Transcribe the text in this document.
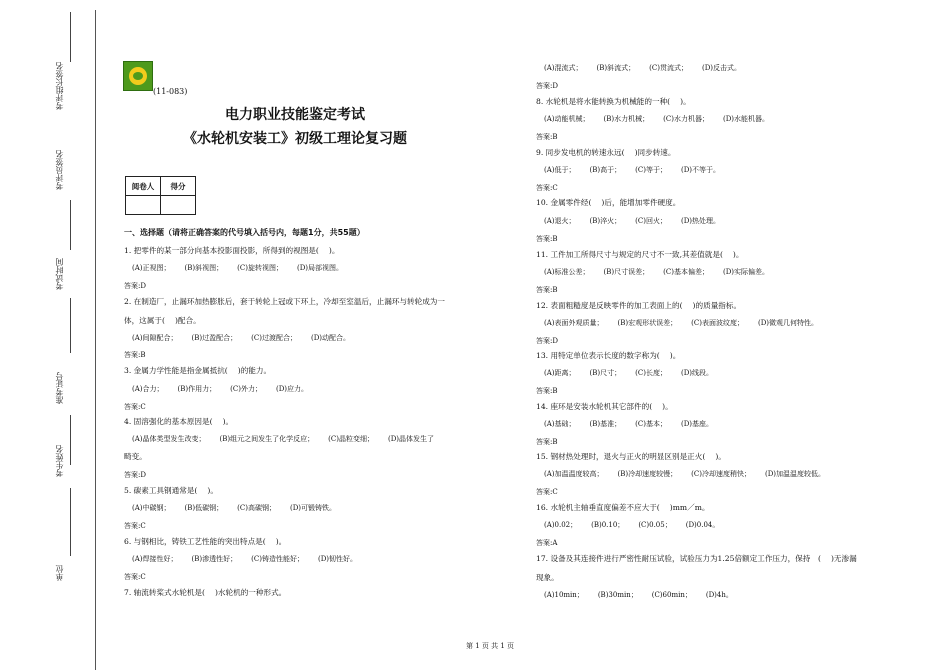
考评组长签名
考评员签名
考试时间
准考证号
考生姓名
单位
(11-083)
电力职业技能鉴定考试
《水轮机安装工》初级工理论复习题
阅卷人	得分

一、选择题（请将正确答案的代号填入括号内，每题1分，共55题）
1. 把零件的某一部分向基本投影面投影，所得到的视图是(　 )。
(A)正视图； (B)斜视图； (C)旋转视图； (D)局部视图。
答案:D
2. 在制造厂，止漏环加热膨胀后，套于转轮上冠或下环上，冷却至室温后，止漏环与转轮成为一
体，这属于(　 )配合。
(A)间隙配合； (B)过盈配合； (C)过渡配合； (D)动配合。
答案:B
3. 金属力学性能是指金属抵抗(　 )的能力。
(A)合力； (B)作用力； (C)外力； (D)应力。
答案:C
4. 固溶强化的基本原因是(　 )。
(A)晶体类型发生改变； (B)组元之间发生了化学反应； (C)晶粒变细； (D)晶体发生了
畸变。
答案:D
5. 碳素工具钢通常是(　 )。
(A)中碳钢； (B)低碳钢； (C)高碳钢； (D)可锻铸铁。
答案:C
6. 与钢相比，铸铁工艺性能的突出特点是(　 )。
(A)焊接性好； (B)渗透性好； (C)铸造性能好； (D)韧性好。
答案:C
7. 轴流转桨式水轮机是(　 )水轮机的一种形式。
(A)混流式； (B)斜流式； (C)贯流式； (D)反击式。
答案:D
8. 水轮机是将水能转换为机械能的一种(　 )。
(A)动能机械； (B)水力机械； (C)水力机器； (D)水能机器。
答案:B
9. 同步发电机的转速永远(　 )同步转速。
(A)低于； (B)高于； (C)等于； (D)不等于。
答案:C
10. 金属零件经(　 )后，能增加零件硬度。
(A)退火； (B)淬火； (C)回火； (D)热处理。
答案:B
11. 工件加工所得尺寸与规定的尺寸不一致,其差值就是(　 )。
(A)标准公差； (B)尺寸误差； (C)基本偏差； (D)实际偏差。
答案:B
12. 表面粗糙度是反映零件的加工表面上的(　 )的质量指标。
(A)表面外观质量； (B)宏观形状误差； (C)表面波纹度； (D)微观几何特性。
答案:D
13. 用特定单位表示长度的数字称为(　 )。
(A)距离； (B)尺寸； (C)长度； (D)线段。
答案:B
14. 座环是安装水轮机其它部件的(　 )。
(A)基础； (B)基准； (C)基本； (D)基座。
答案:B
15. 钢材热处理时，退火与正火的明显区别是正火(　 )。
(A)加温温度较高； (B)冷却速度较慢； (C)冷却速度稍快； (D)加温温度较低。
答案:C
16. 水轮机主轴垂直度偏差不应大于(　 )mm／m。
(A)0.02； (B)0.10； (C)0.05； (D)0.04。
答案:A
17. 设备及其连接件进行严密性耐压试验，试验压力为1.25倍额定工作压力，保持　(　 )无渗漏
现象。
(A)10min； (B)30min； (C)60min； (D)4h。
第 1 页 共 1 页
